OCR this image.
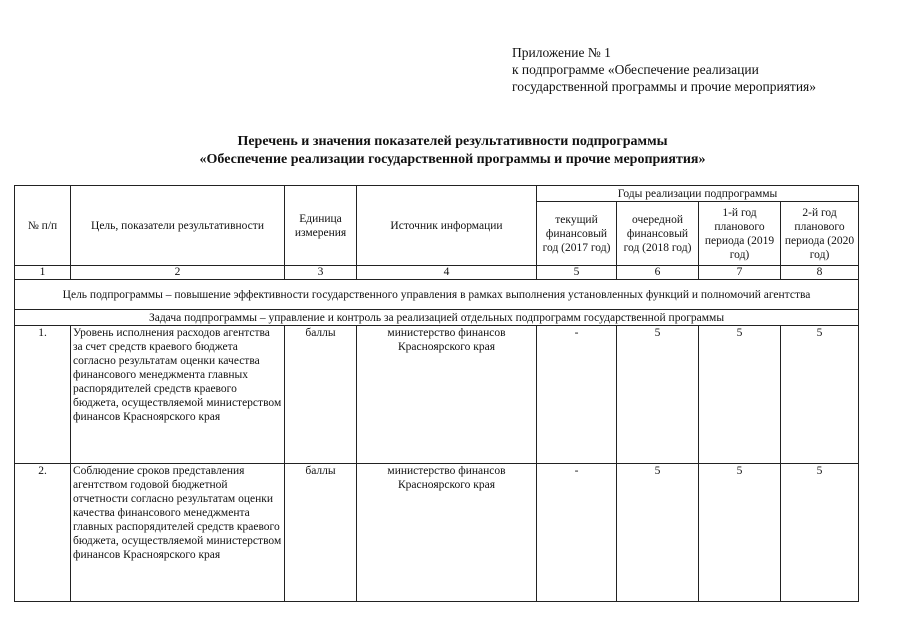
Приложение № 1
к подпрограмме «Обеспечение реализации
государственной программы и прочие мероприятия»
Перечень и значения показателей результативности подпрограммы
«Обеспечение реализации государственной программы и прочие мероприятия»
№ п/п	Цель, показатели результативности	Единица измерения	Источник информации	Годы реализации подпрограммы			
				текущий финансовый год (2017 год)	очередной финансовый год (2018 год)	1-й год планового периода (2019 год)	2-й год планового периода (2020 год)
1	2	3	4	5	6	7	8
Цель подпрограммы – повышение эффективности государственного управления в рамках выполнения установленных функций и полномочий агентства							
Задача подпрограммы – управление и контроль за реализацией отдельных подпрограмм государственной программы							
1.	Уровень исполнения расходов агентства за счет средств краевого бюджета согласно результатам оценки качества финансового менеджмента главных распорядителей средств краевого бюджета, осуществляемой министерством финансов Красноярского края	баллы	министерство финансов Красноярского края	-	5	5	5
2.	Соблюдение сроков представления агентством годовой бюджетной отчетности согласно результатам оценки качества финансового менеджмента главных распорядителей средств краевого бюджета, осуществляемой министерством финансов Красноярского края	баллы	министерство финансов Красноярского края	-	5	5	5
